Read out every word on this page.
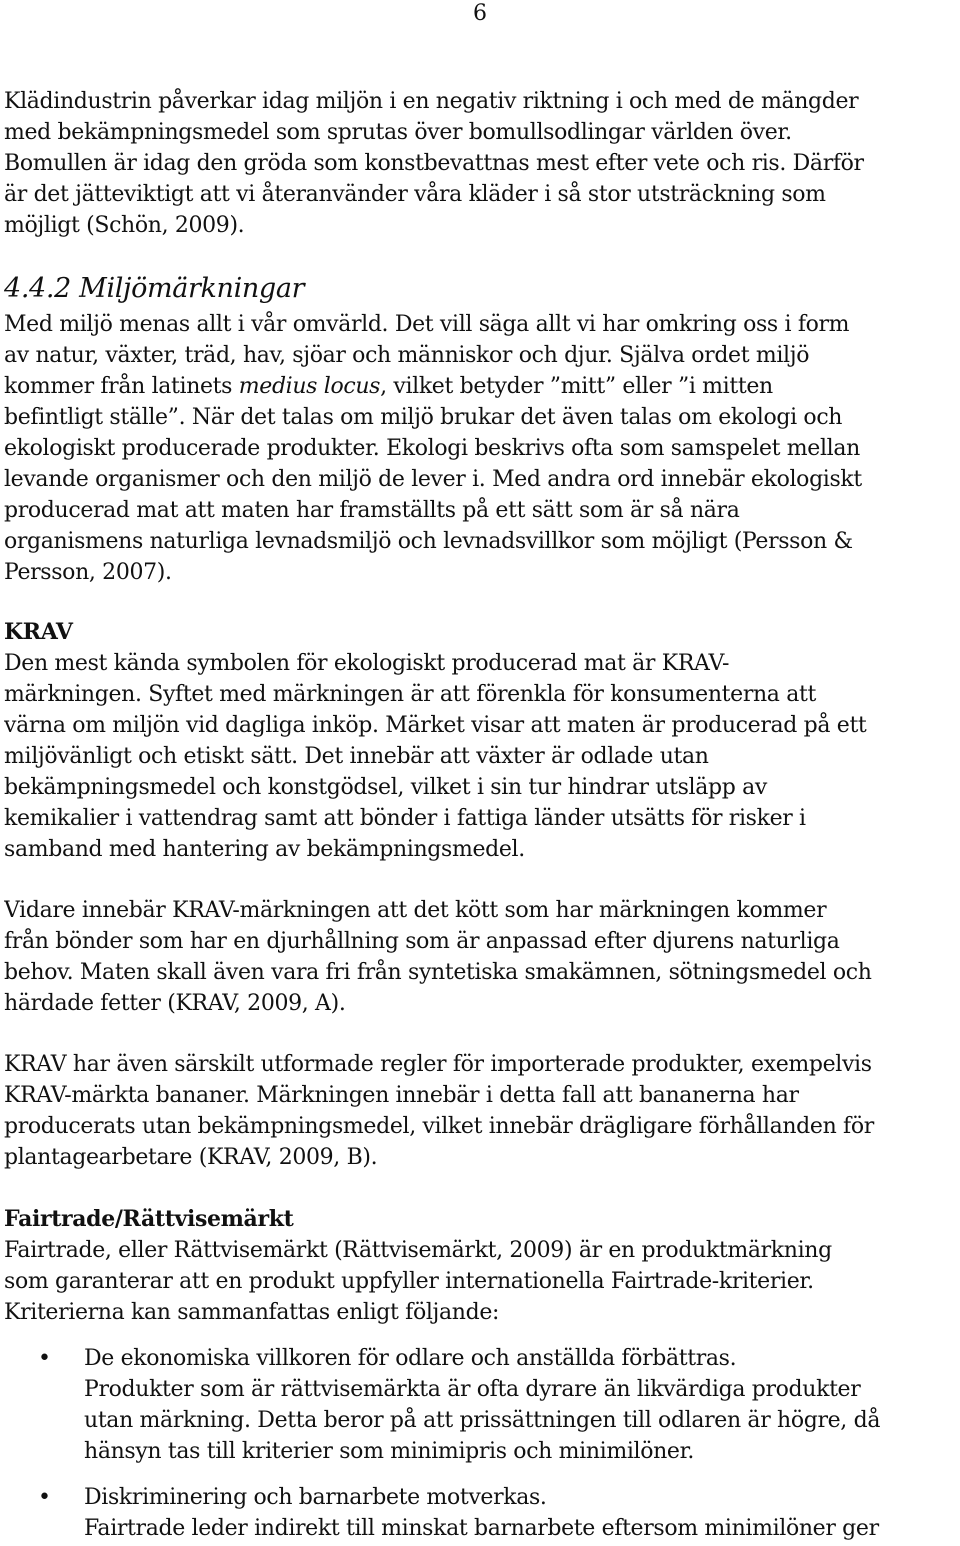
6
Klädindustrin påverkar idag miljön i en negativ riktning i och med de mängder
med bekämpningsmedel som sprutas över bomullsodlingar världen över.
Bomullen är idag den gröda som konstbevattnas mest efter vete och ris. Därför
är det jätteviktigt att vi återanvänder våra kläder i så stor utsträckning som
möjligt (Schön, 2009).
4.4.2 Miljömärkningar
Med miljö menas allt i vår omvärld. Det vill säga allt vi har omkring oss i form
av natur, växter, träd, hav, sjöar och människor och djur. Själva ordet miljö
kommer från latinets medius locus, vilket betyder ”mitt” eller ”i mitten
befintligt ställe”. När det talas om miljö brukar det även talas om ekologi och
ekologiskt producerade produkter. Ekologi beskrivs ofta som samspelet mellan
levande organismer och den miljö de lever i. Med andra ord innebär ekologiskt
producerad mat att maten har framställts på ett sätt som är så nära
organismens naturliga levnadsmiljö och levnadsvillkor som möjligt (Persson &
Persson, 2007).
KRAV
Den mest kända symbolen för ekologiskt producerad mat är KRAV-
märkningen. Syftet med märkningen är att förenkla för konsumenterna att
värna om miljön vid dagliga inköp. Märket visar att maten är producerad på ett
miljövänligt och etiskt sätt. Det innebär att växter är odlade utan
bekämpningsmedel och konstgödsel, vilket i sin tur hindrar utsläpp av
kemikalier i vattendrag samt att bönder i fattiga länder utsätts för risker i
samband med hantering av bekämpningsmedel.
Vidare innebär KRAV-märkningen att det kött som har märkningen kommer
från bönder som har en djurhållning som är anpassad efter djurens naturliga
behov. Maten skall även vara fri från syntetiska smakämnen, sötningsmedel och
härdade fetter (KRAV, 2009, A).
KRAV har även särskilt utformade regler för importerade produkter, exempelvis
KRAV-märkta bananer. Märkningen innebär i detta fall att bananerna har
producerats utan bekämpningsmedel, vilket innebär drägligare förhållanden för
plantagearbetare (KRAV, 2009, B).
Fairtrade/Rättvisemärkt
Fairtrade, eller Rättvisemärkt (Rättvisemärkt, 2009) är en produktmärkning
som garanterar att en produkt uppfyller internationella Fairtrade-kriterier.
Kriterierna kan sammanfattas enligt följande:
• De ekonomiska villkoren för odlare och anställda förbättras.
Produkter som är rättvisemärkta är ofta dyrare än likvärdiga produkter
utan märkning. Detta beror på att prissättningen till odlaren är högre, då
hänsyn tas till kriterier som minimipris och minimilöner.
• Diskriminering och barnarbete motverkas.
Fairtrade leder indirekt till minskat barnarbete eftersom minimilöner ger
